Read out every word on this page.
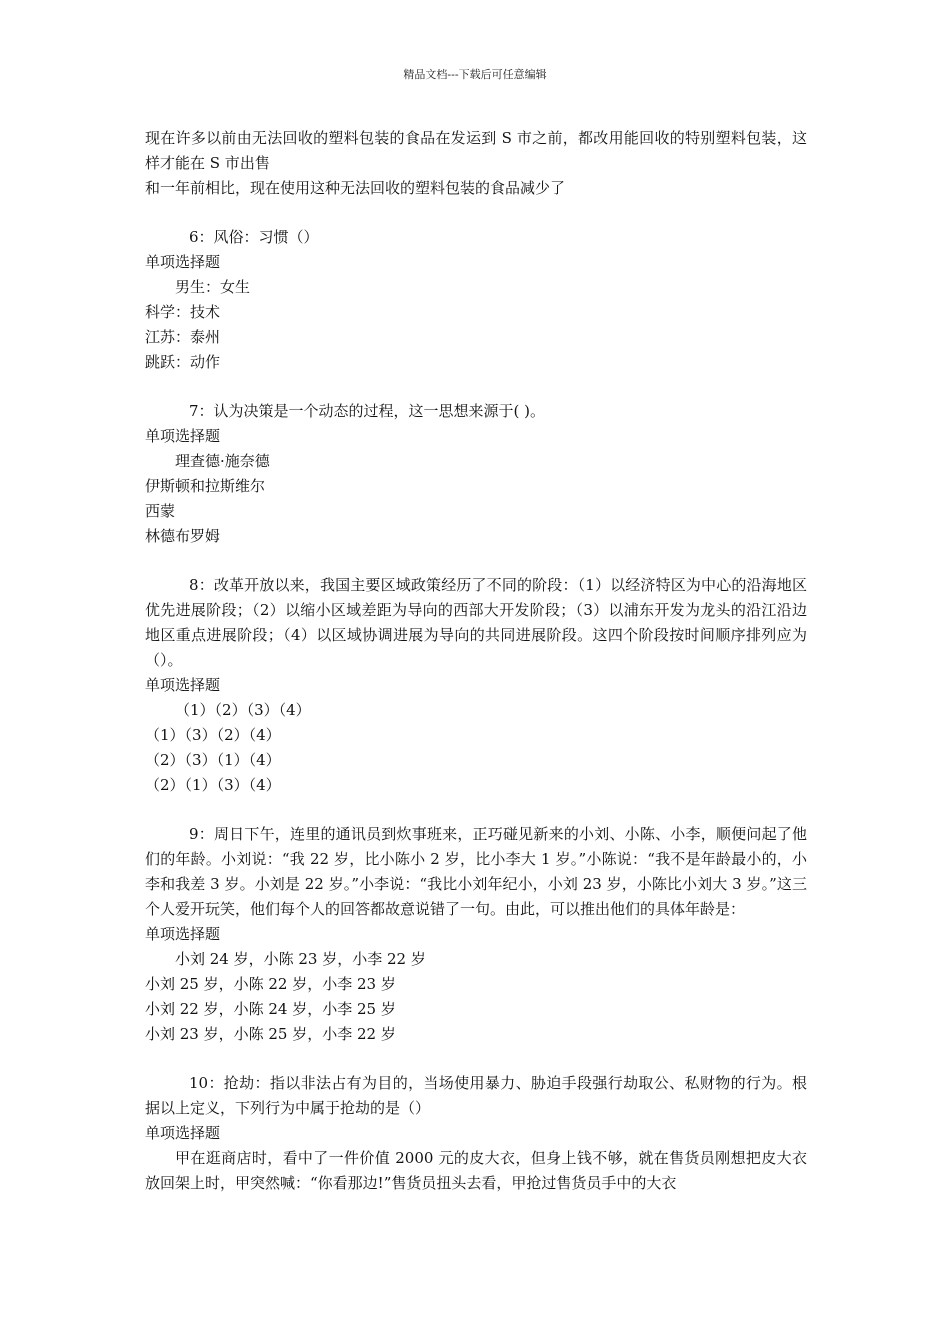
精品文档---下载后可任意编辑

现在许多以前由无法回收的塑料包装的食品在发运到 S 市之前，都改用能回收的特别塑料包装，这样才能在 S 市出售

和一年前相比，现在使用这种无法回收的塑料包装的食品减少了

6：风俗：习惯（）

单项选择题

男生：女生

科学：技术

江苏：泰州

跳跃：动作

7：认为决策是一个动态的过程，这一思想来源于( )。

单项选择题

理查德·施奈德

伊斯顿和拉斯维尔

西蒙

林德布罗姆

8：改革开放以来，我国主要区域政策经历了不同的阶段：（1）以经济特区为中心的沿海地区优先进展阶段；（2）以缩小区域差距为导向的西部大开发阶段；（3）以浦东开发为龙头的沿江沿边地区重点进展阶段；（4）以区域协调进展为导向的共同进展阶段。这四个阶段按时间顺序排列应为（）。

单项选择题

（1）（2）（3）（4）

（1）（3）（2）（4）

（2）（3）（1）（4）

（2）（1）（3）（4）

9：周日下午，连里的通讯员到炊事班来，正巧碰见新来的小刘、小陈、小李，顺便问起了他们的年龄。小刘说：“我 22 岁，比小陈小 2 岁，比小李大 1 岁。”小陈说：“我不是年龄最小的，小李和我差 3 岁。小刘是 22 岁。”小李说：“我比小刘年纪小，小刘 23 岁，小陈比小刘大 3 岁。”这三个人爱开玩笑，他们每个人的回答都故意说错了一句。由此，可以推出他们的具体年龄是：

单项选择题

小刘 24 岁，小陈 23 岁，小李 22 岁

小刘 25 岁，小陈 22 岁，小李 23 岁

小刘 22 岁，小陈 24 岁，小李 25 岁

小刘 23 岁，小陈 25 岁，小李 22 岁

10：抢劫：指以非法占有为目的，当场使用暴力、胁迫手段强行劫取公、私财物的行为。根据以上定义，下列行为中属于抢劫的是（）

单项选择题

甲在逛商店时，看中了一件价值 2000 元的皮大衣，但身上钱不够，就在售货员刚想把皮大衣放回架上时，甲突然喊：“你看那边!”售货员扭头去看，甲抢过售货员手中的大衣
